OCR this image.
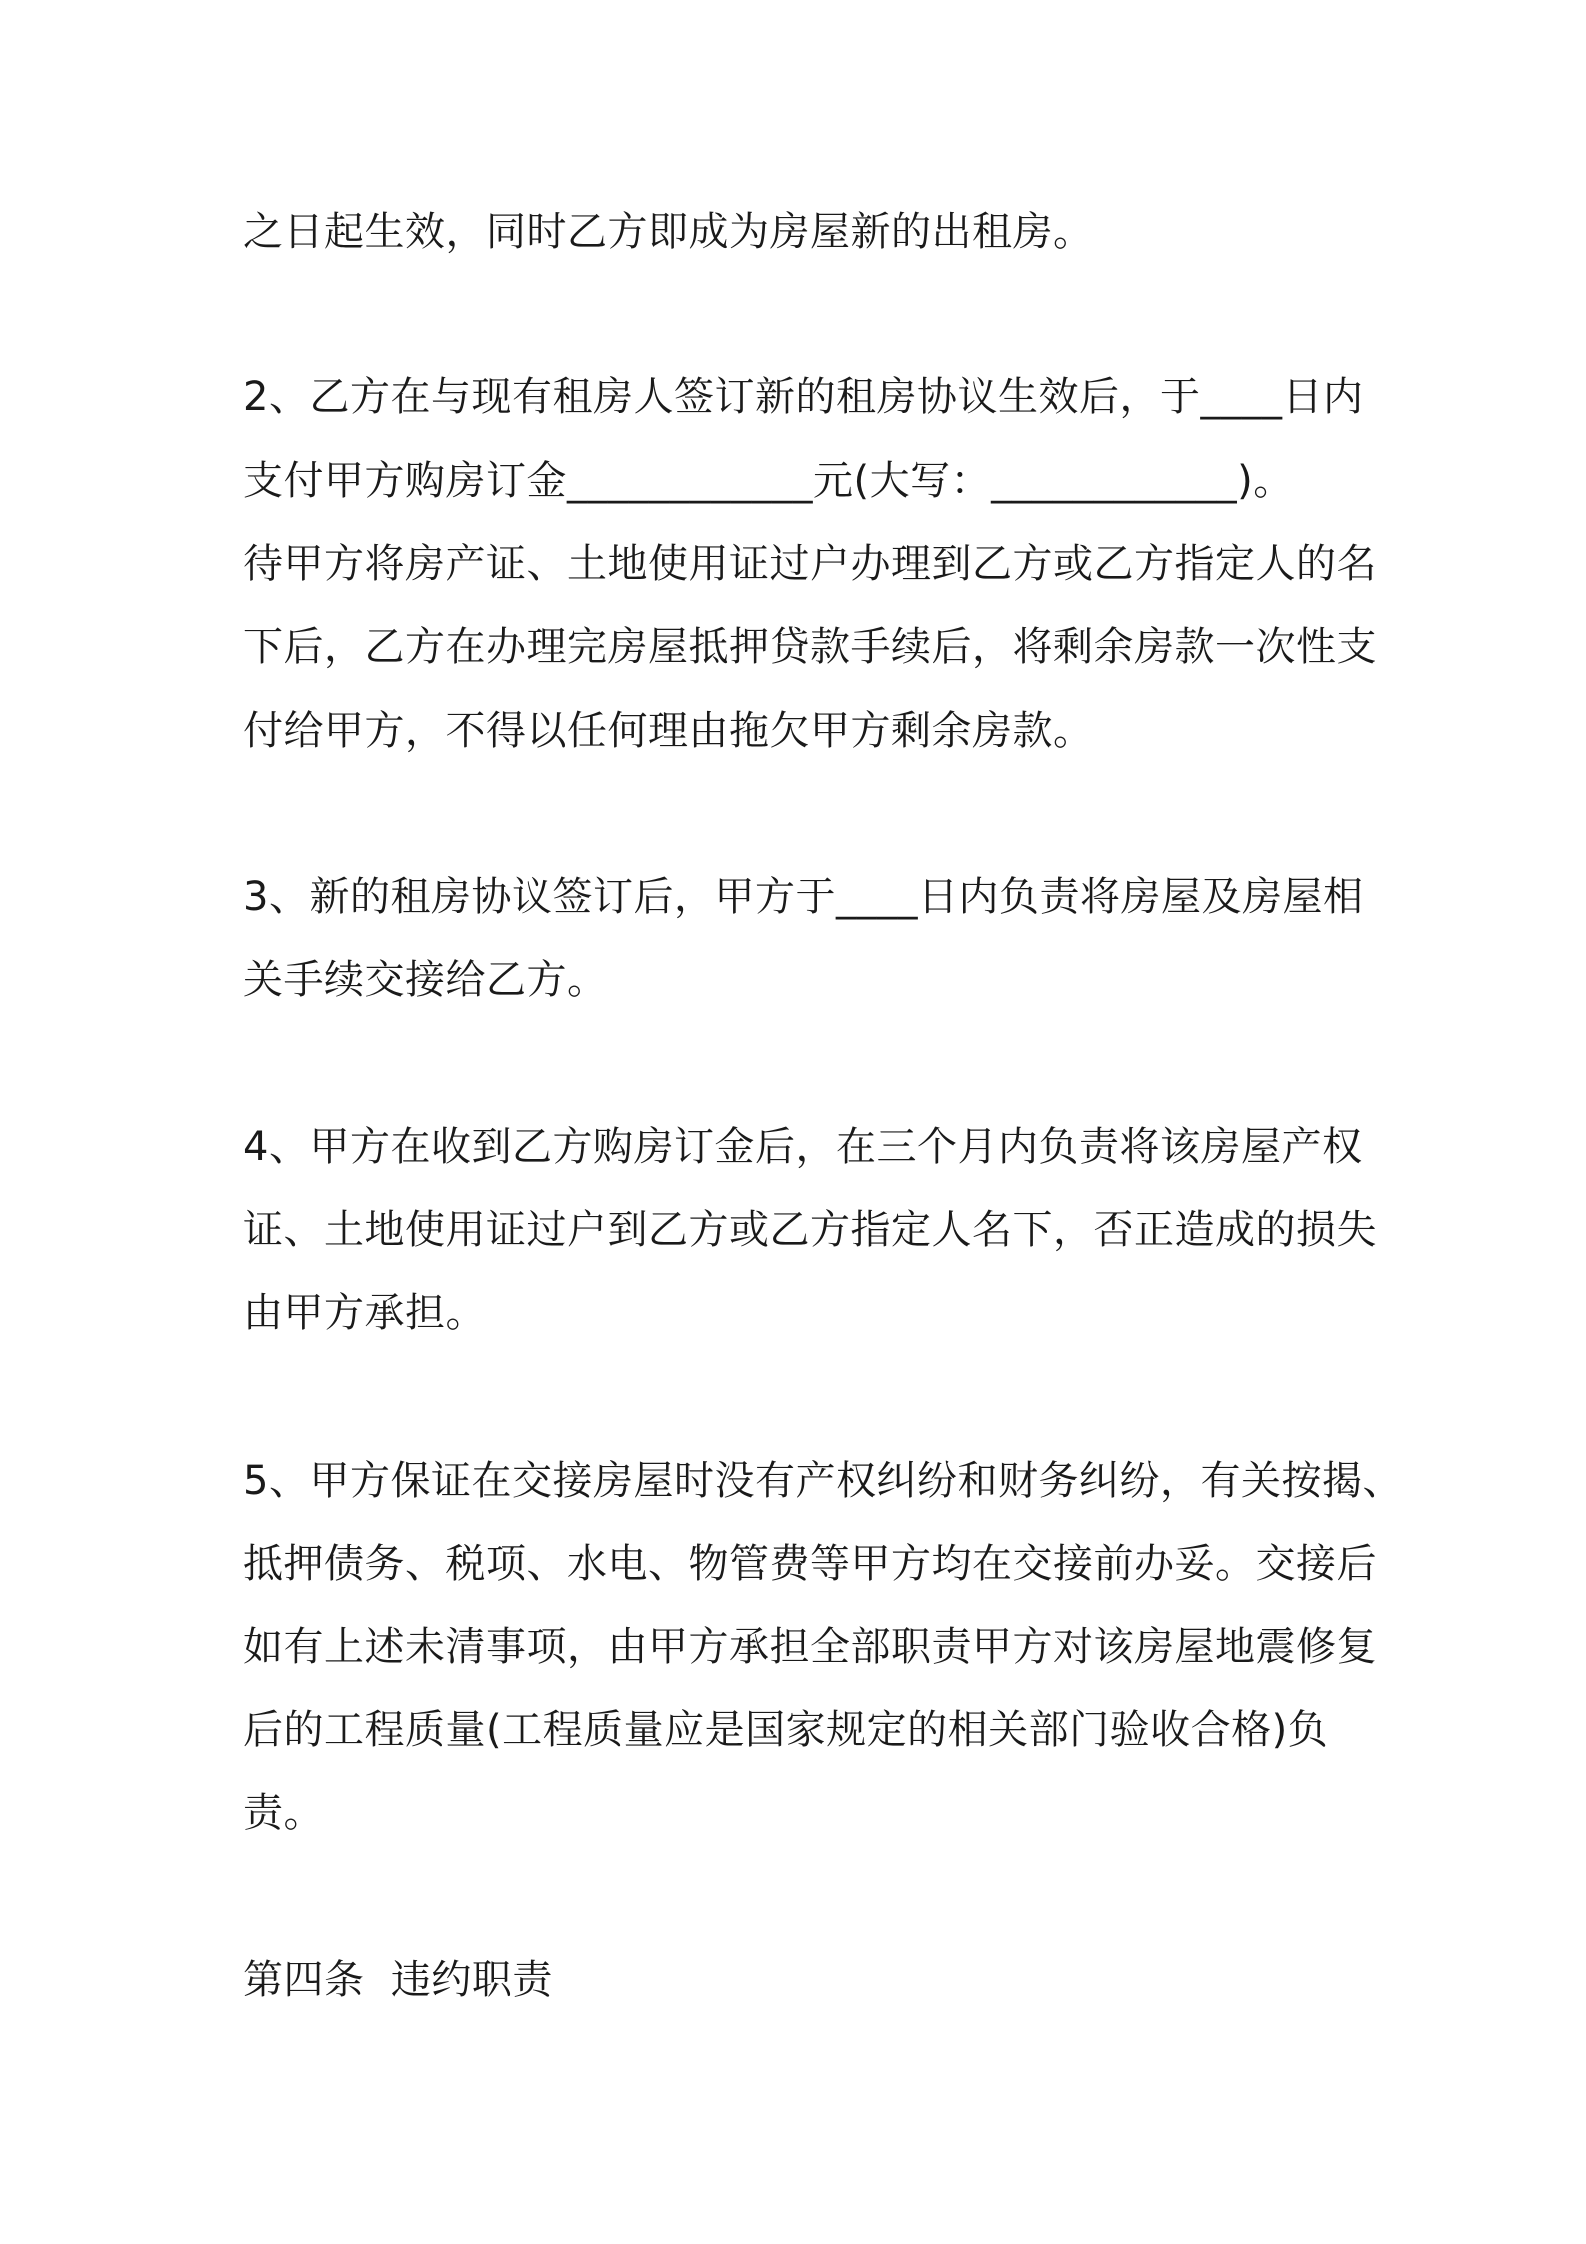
之日起生效，同时乙方即成为房屋新的出租房。
2、乙方在与现有租房人签订新的租房协议生效后，于____日内
支付甲方购房订金____________元(大写：____________)。
待甲方将房产证、土地使用证过户办理到乙方或乙方指定人的名
下后，乙方在办理完房屋抵押贷款手续后，将剩余房款一次性支
付给甲方，不得以任何理由拖欠甲方剩余房款。
3、新的租房协议签订后，甲方于____日内负责将房屋及房屋相
关手续交接给乙方。
4、甲方在收到乙方购房订金后，在三个月内负责将该房屋产权
证、土地使用证过户到乙方或乙方指定人名下，否正造成的损失
由甲方承担。
5、甲方保证在交接房屋时没有产权纠纷和财务纠纷，有关按揭、
抵押债务、税项、水电、物管费等甲方均在交接前办妥。交接后
如有上述未清事项，由甲方承担全部职责甲方对该房屋地震修复
后的工程质量(工程质量应是国家规定的相关部门验收合格)负
责。
第四条  违约职责
